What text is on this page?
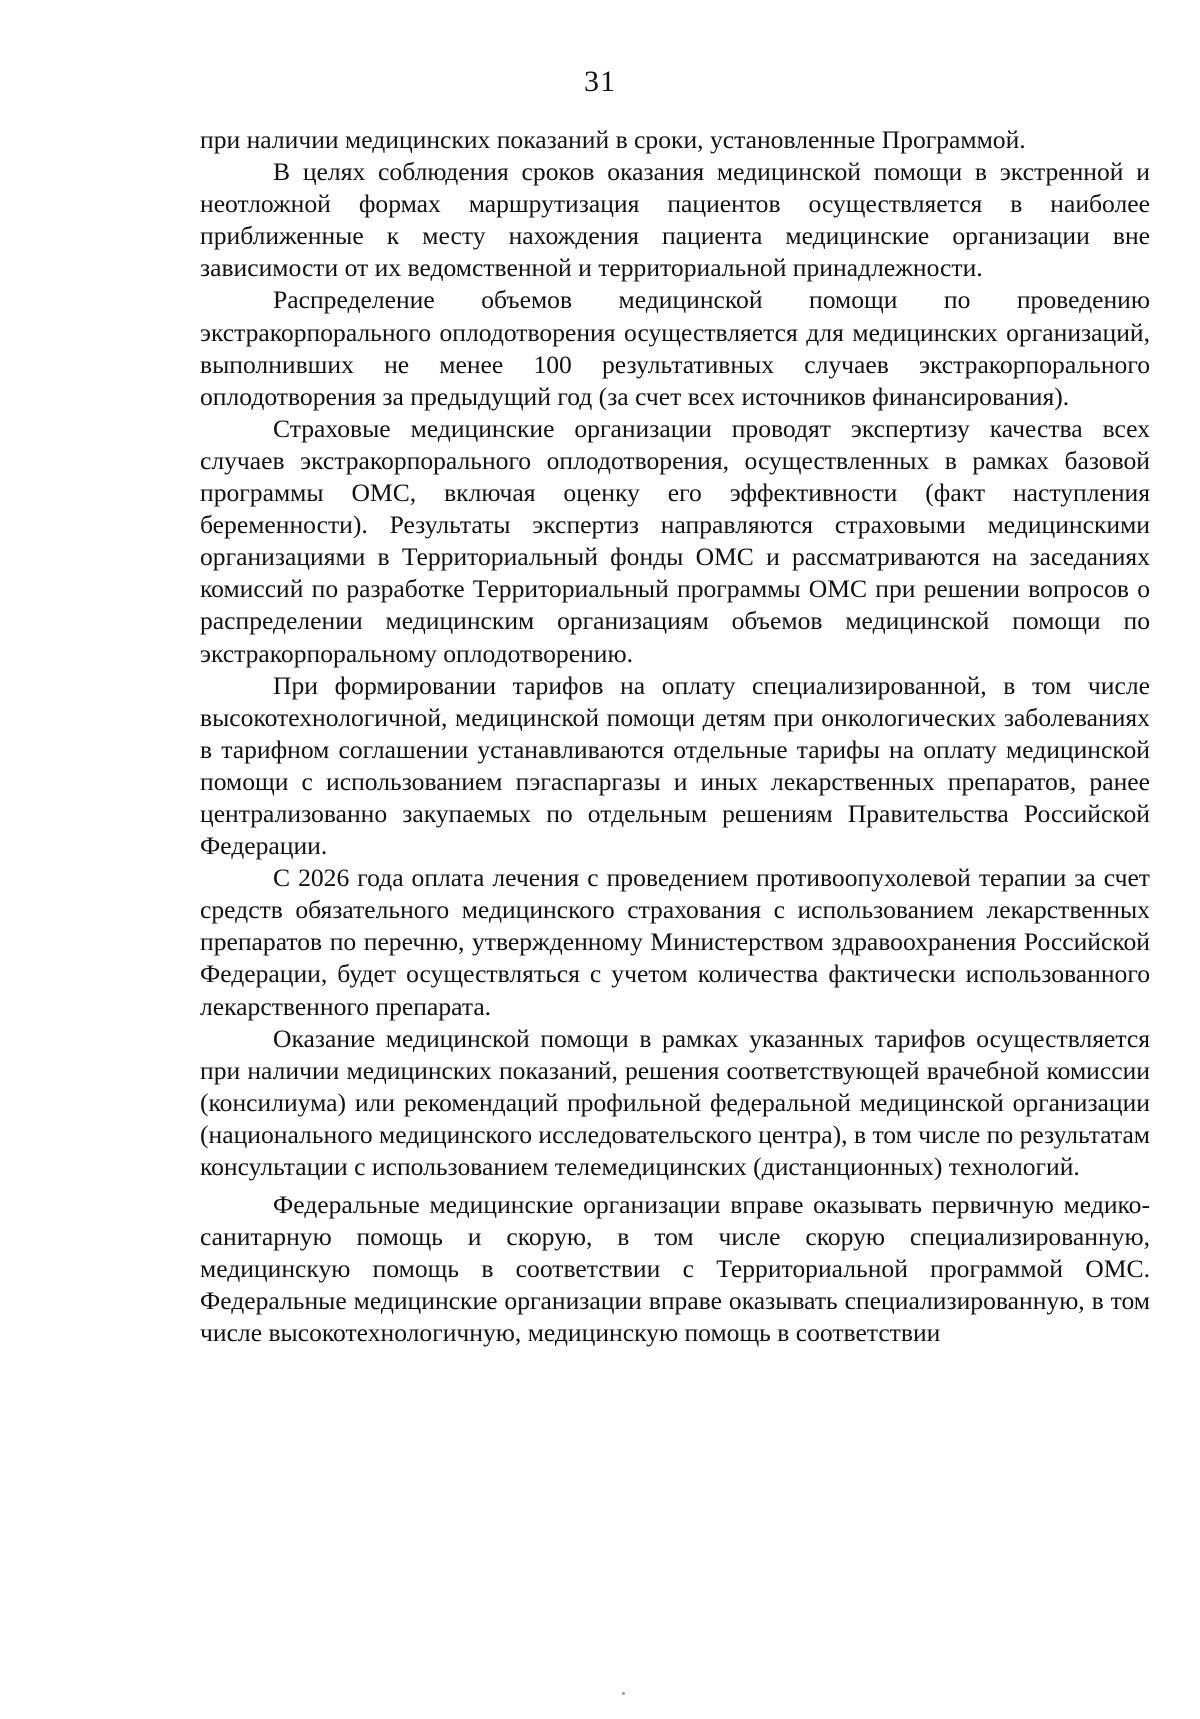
31

при наличии медицинских показаний в сроки, установленные Программой.

В целях соблюдения сроков оказания медицинской помощи в экстренной и неотложной формах маршрутизация пациентов осуществляется в наиболее приближенные к месту нахождения пациента медицинские организации вне зависимости от их ведомственной и территориальной принадлежности.

Распределение объемов медицинской помощи по проведению экстракорпорального оплодотворения осуществляется для медицинских организаций, выполнивших не менее 100 результативных случаев экстракорпорального оплодотворения за предыдущий год (за счет всех источников финансирования).

Страховые медицинские организации проводят экспертизу качества всех случаев экстракорпорального оплодотворения, осуществленных в рамках базовой программы ОМС, включая оценку его эффективности (факт наступления беременности). Результаты экспертиз направляются страховыми медицинскими организациями в Территориальный фонды ОМС и рассматриваются на заседаниях комиссий по разработке Территориальный программы ОМС при решении вопросов о распределении медицинским организациям объемов медицинской помощи по экстракорпоральному оплодотворению.

При формировании тарифов на оплату специализированной, в том числе высокотехнологичной, медицинской помощи детям при онкологических заболеваниях в тарифном соглашении устанавливаются отдельные тарифы на оплату медицинской помощи с использованием пэгаспаргазы и иных лекарственных препаратов, ранее централизованно закупаемых по отдельным решениям Правительства Российской Федерации.

С 2026 года оплата лечения с проведением противоопухолевой терапии за счет средств обязательного медицинского страхования с использованием лекарственных препаратов по перечню, утвержденному Министерством здравоохранения Российской Федерации, будет осуществляться с учетом количества фактически использованного лекарственного препарата.

Оказание медицинской помощи в рамках указанных тарифов осуществляется при наличии медицинских показаний, решения соответствующей врачебной комиссии (консилиума) или рекомендаций профильной федеральной медицинской организации (национального медицинского исследовательского центра), в том числе по результатам консультации с использованием телемедицинских (дистанционных) технологий.

Федеральные медицинские организации вправе оказывать первичную медико-санитарную помощь и скорую, в том числе скорую специализированную, медицинскую помощь в соответствии с Территориальной программой ОМС. Федеральные медицинские организации вправе оказывать специализированную, в том числе высокотехнологичную, медицинскую помощь в соответствии
